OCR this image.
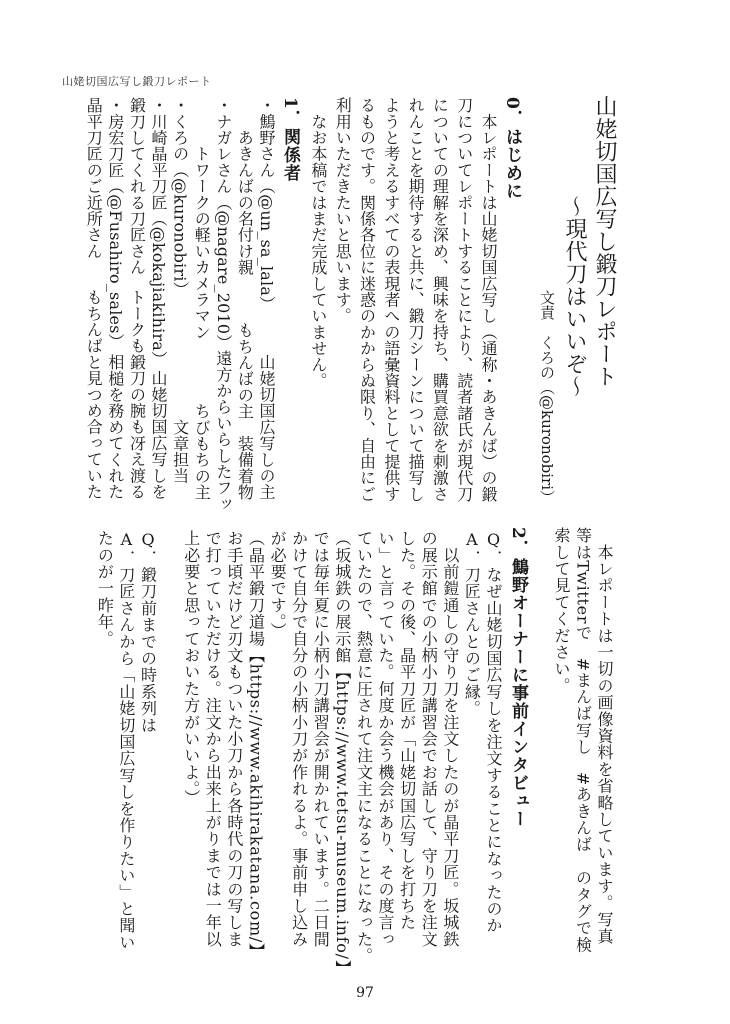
山姥切国広写し鍛刀レポート
山姥切国広写し鍛刀レポート
～現代刀はいいぞ～
文責　くろの（@kuronobiri）
0．はじめに
　本レポートは山姥切国広写し（通称・あきんば）の鍛
刀についてレポートすることにより、読者諸氏が現代刀
についての理解を深め、興味を持ち、購買意欲を刺激さ
れんことを期待すると共に、鍛刀シーンについて描写し
ようと考えるすべての表現者への語彙資料として提供す
るものです。関係各位に迷惑のかからぬ限り、自由にご
利用いただきたいと思います。
　なお本稿ではまだ完成していません。
1．関係者
・鷦野さん（@un_sa_lala）
山姥切国広写しの主
　　あきんばの名付け親
もちんばの主　装備着物
・ナガレさん（@nagare_2010）
遠方からいらしたフッ
　　　トワークの軽いカメラマン
ちびもちの主
・くろの（@kuronobiri）
文章担当　
・川崎晶平刀匠（@kokajiakihira）
山姥切国広写しを
鍛刀してくれる刀匠さん
トークも鍛刀の腕も冴え渡る
・房宏刀匠（@Fusahiro_sales）
相槌を務めてくれた
晶平刀匠のご近所さん
もちんばと見つめ合っていた
　本レポートは一切の画像資料を省略しています。写真
等はTwitterで　#まんば写し　#あきんば　のタグで検
索して見てください。
2．鷦野オーナーに事前インタビュー
Q．なぜ山姥切国広写しを注文することになったのか
A．刀匠さんとのご縁。
　以前鎧通しの守り刀を注文したのが晶平刀匠。坂城鉄
の展示館での小柄小刀講習会でお話して、守り刀を注文
した。その後、晶平刀匠が「山姥切国広写しを打ちた
い」と言っていた。何度か会う機会があり、その度言っ
ていたので、熱意に圧されて注文主になることになった。
（坂城鉄の展示館【https://www.tetsu-museum.info/】
では毎年夏に小柄小刀講習会が開かれています。二日間
かけて自分で自分の小柄小刀が作れるよ。事前申し込み
が必要です。）
（晶平鍛刀道場【https://www.akihirakatana.com/】
お手頃だけど刃文もついた小刀から各時代の刀の写しま
で打っていただける。注文から出来上がりまでは一年以
上必要と思っておいた方がいいよ。）

Q．鍛刀前までの時系列は
A．刀匠さんから「山姥切国広写しを作りたい」と聞い
たのが一昨年。
97
